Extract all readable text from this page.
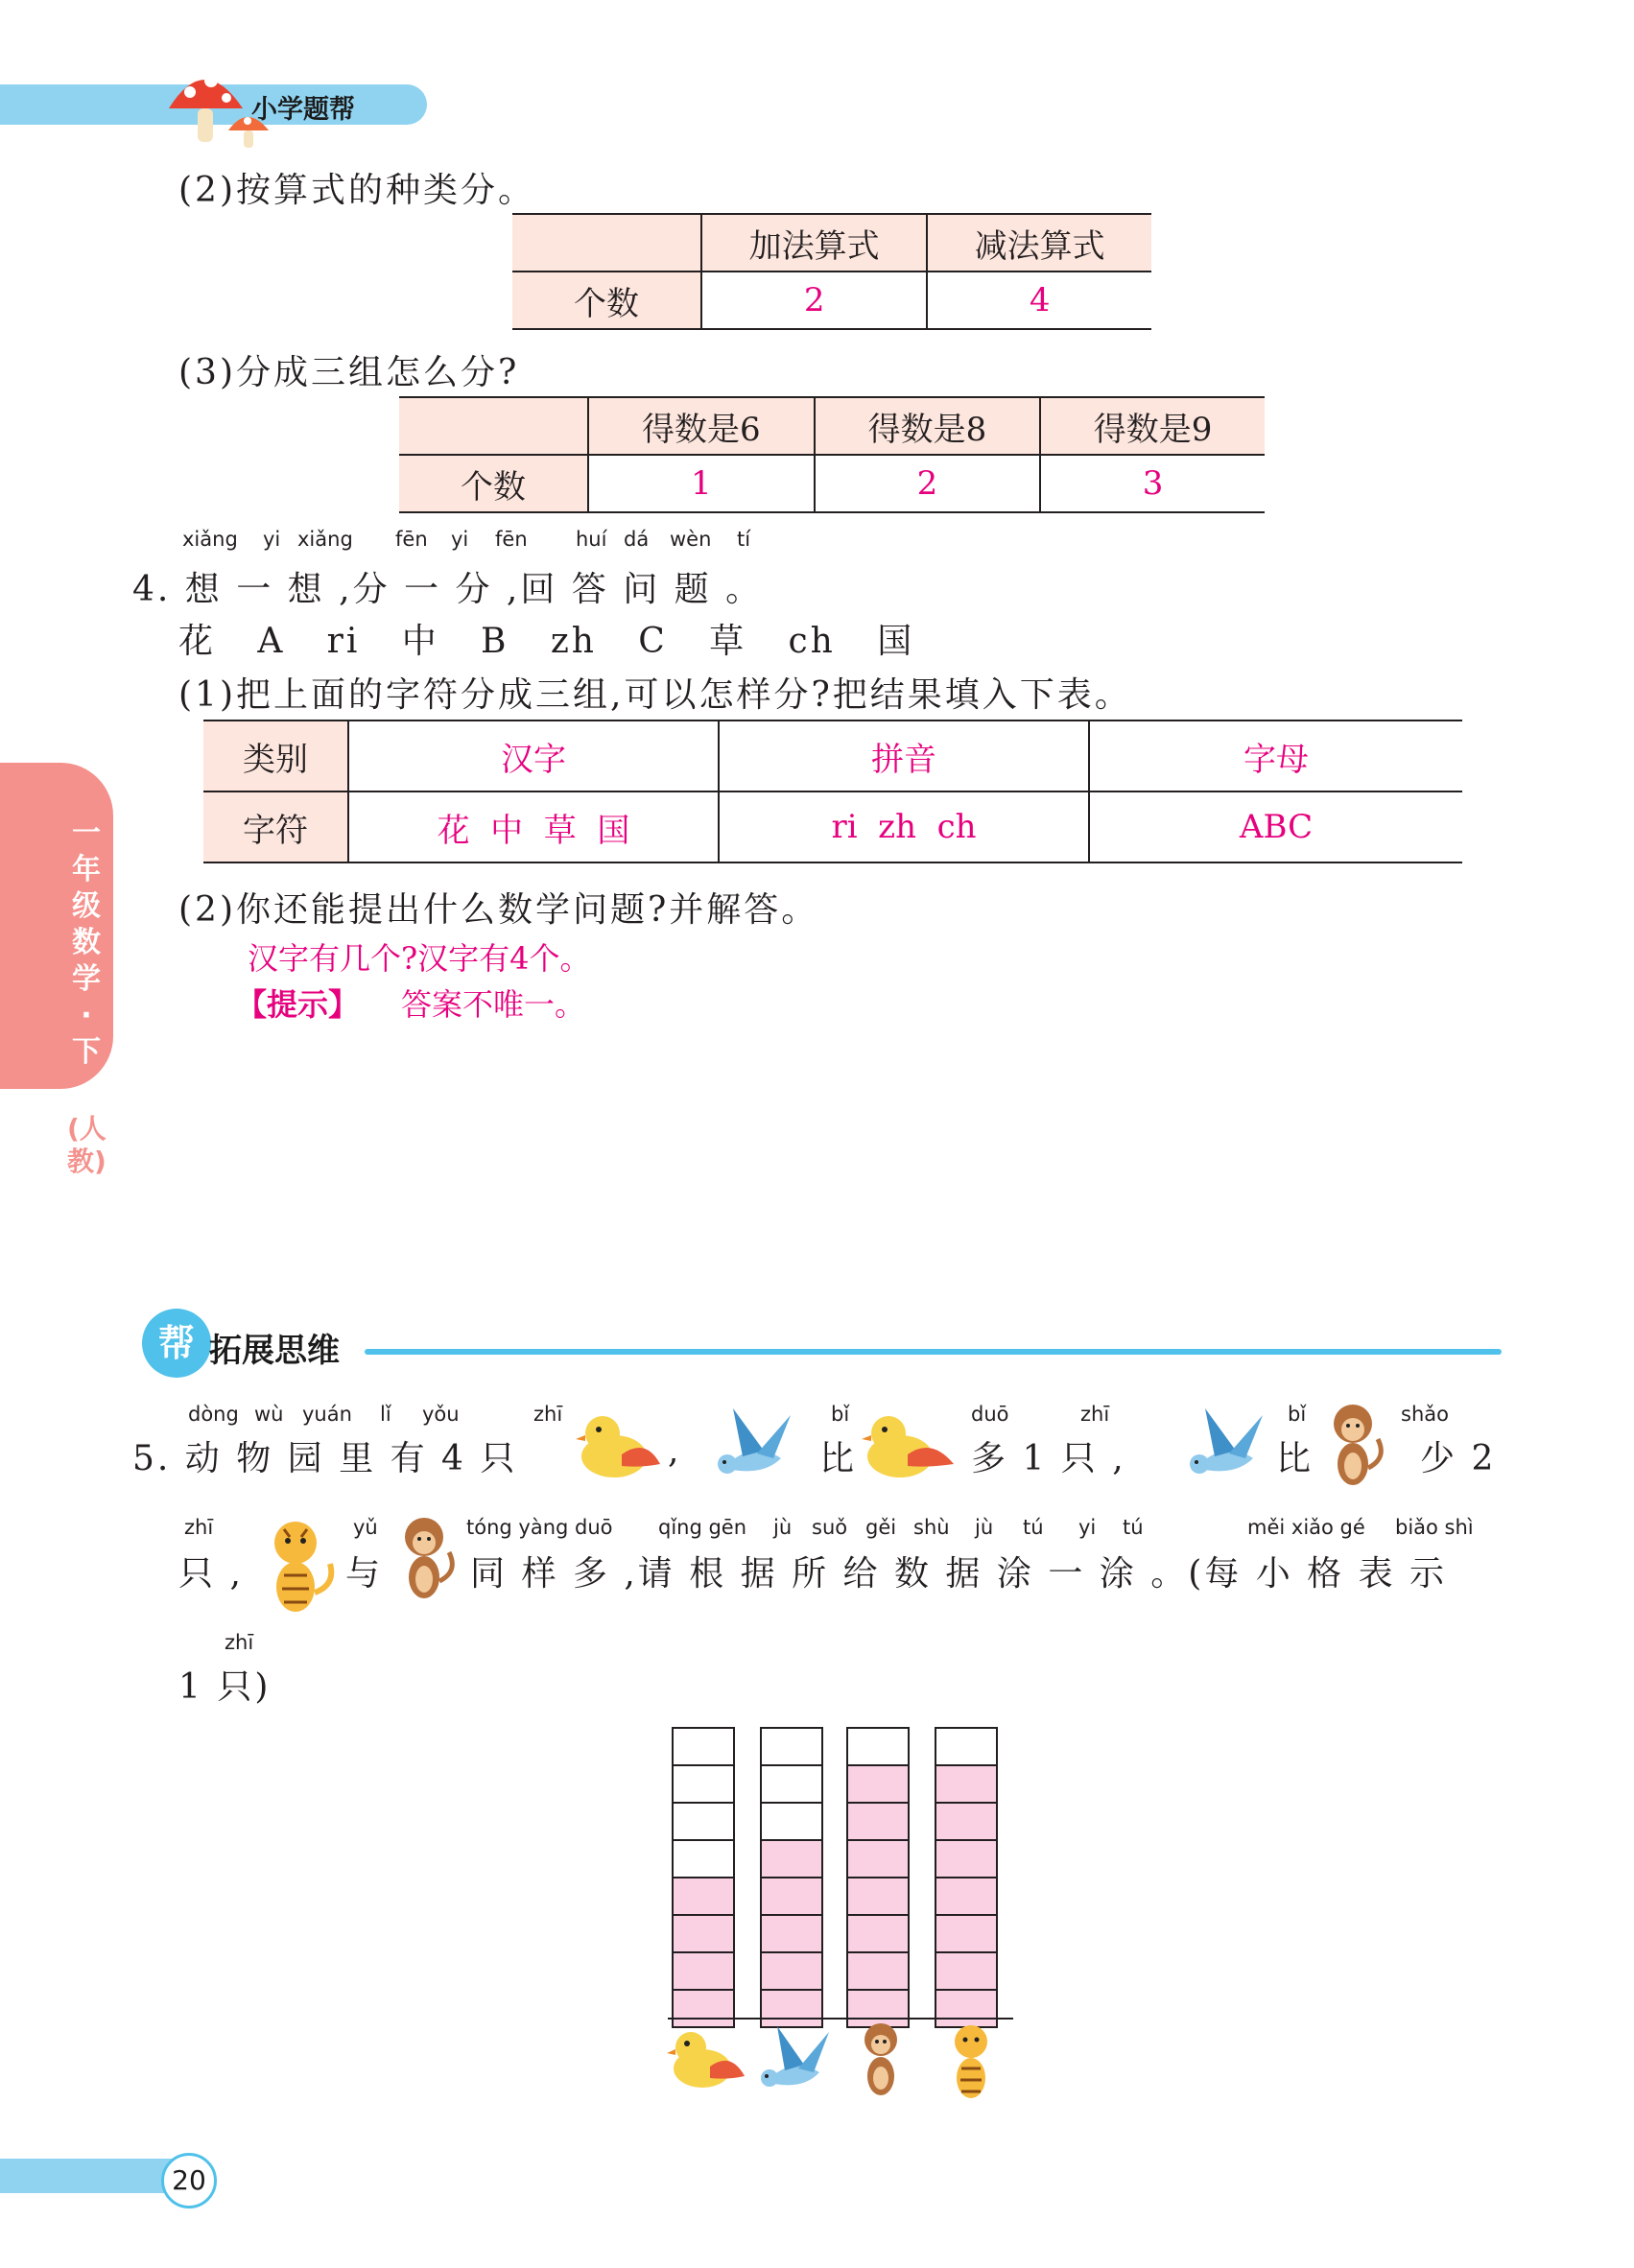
小学题帮
(2)按算式的种类分。
	加法算式	减法算式
个数	2	4
(3)分成三组怎么分?
	得数是6	得数是8	得数是9
个数	1	2	3
xiǎng yi xiǎng fēn yi fēn huí dá wèn tí
4. 想 一 想 ,分 一 分 ,回 答 问 题 。
花   A   ri   中   B   zh   C   草   ch   国
(1)把上面的字符分成三组,可以怎样分?把结果填入下表。
类别	汉字	拼音	字母
字符	花  中  草  国	ri  zh  ch	ABC
(2)你还能提出什么数学问题?并解答。
汉字有几个?汉字有4个。
【提示】 答案不唯一。
一年级数学·下
(人教)
帮 拓展思维
dòng wù yuán lǐ yǒu	zhī	bǐ	duō	zhī	bǐ	shǎo
5. 动 物 园 里 有 4 只	,	比	多 1 只 ,	比	少 2
zhī	yǔ	tóng yàng duō qǐng gēn jù suǒ gěi shù jù tú yi tú	měi xiǎo gé biǎo shì
只 ,	与	同 样 多 ,请 根 据 所 给 数 据 涂 一 涂 。(每 小 格 表 示
zhī
1 只)
20
